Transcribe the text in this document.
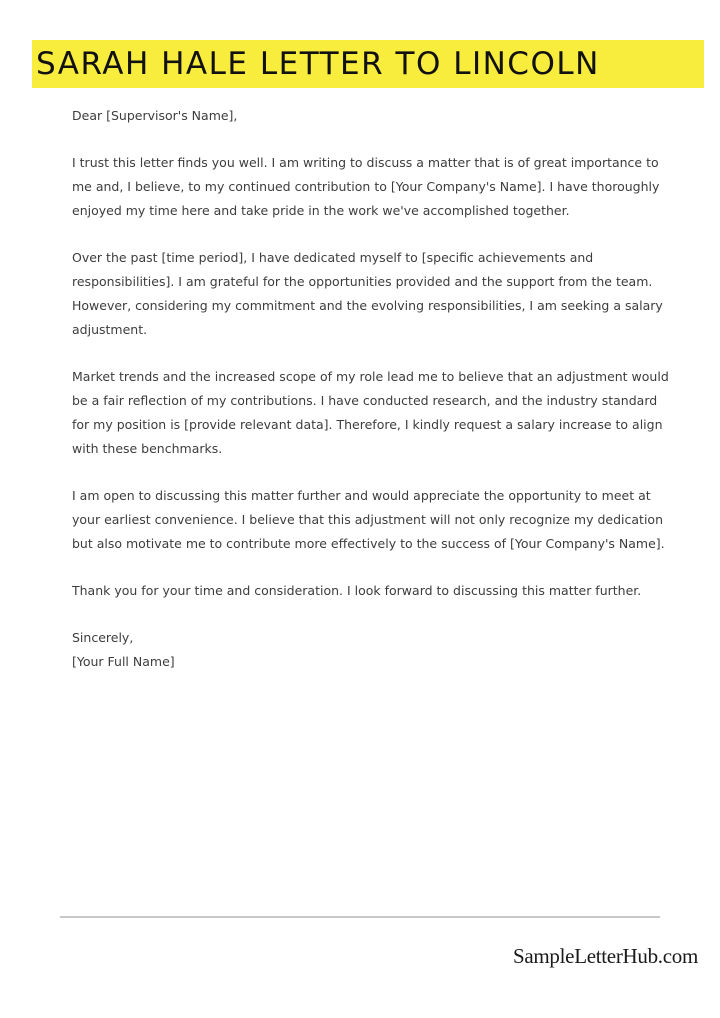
SARAH HALE LETTER TO LINCOLN

Dear [Supervisor's Name],

I trust this letter finds you well. I am writing to discuss a matter that is of great importance to me and, I believe, to my continued contribution to [Your Company's Name]. I have thoroughly enjoyed my time here and take pride in the work we've accomplished together.

Over the past [time period], I have dedicated myself to [specific achievements and responsibilities]. I am grateful for the opportunities provided and the support from the team. However, considering my commitment and the evolving responsibilities, I am seeking a salary adjustment.

Market trends and the increased scope of my role lead me to believe that an adjustment would be a fair reflection of my contributions. I have conducted research, and the industry standard for my position is [provide relevant data]. Therefore, I kindly request a salary increase to align with these benchmarks.

I am open to discussing this matter further and would appreciate the opportunity to meet at your earliest convenience. I believe that this adjustment will not only recognize my dedication but also motivate me to contribute more effectively to the success of [Your Company's Name].

Thank you for your time and consideration. I look forward to discussing this matter further.

Sincerely,

[Your Full Name]

SampleLetterHub.com
